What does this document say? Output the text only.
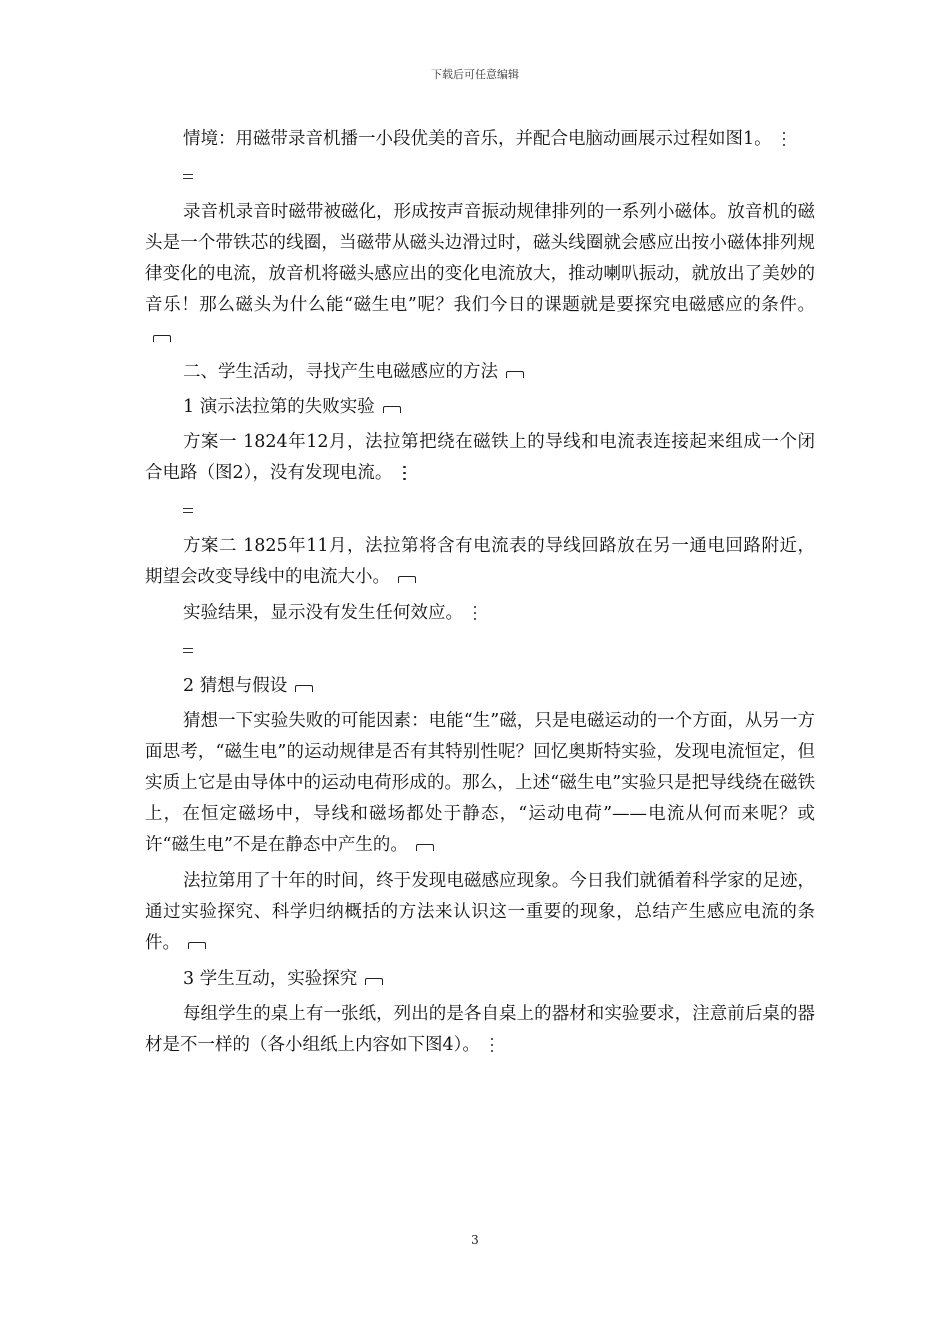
下载后可任意编辑

情境：用磁带录音机播一小段优美的音乐，并配合电脑动画展示过程如图1。

录音机录音时磁带被磁化，形成按声音振动规律排列的一系列小磁体。放音机的磁头是一个带铁芯的线圈，当磁带从磁头边滑过时，磁头线圈就会感应出按小磁体排列规律变化的电流，放音机将磁头感应出的变化电流放大，推动喇叭振动，就放出了美妙的音乐！那么磁头为什么能“磁生电”呢？我们今日的课题就是要探究电磁感应的条件。

二、学生活动，寻找产生电磁感应的方法

1 演示法拉第的失败实验

方案一 1824年12月，法拉第把绕在磁铁上的导线和电流表连接起来组成一个闭合电路（图2），没有发现电流。

方案二 1825年11月，法拉第将含有电流表的导线回路放在另一通电回路附近，期望会改变导线中的电流大小。

实验结果，显示没有发生任何效应。

2 猜想与假设

猜想一下实验失败的可能因素：电能“生”磁，只是电磁运动的一个方面，从另一方面思考，“磁生电”的运动规律是否有其特别性呢？回忆奥斯特实验，发现电流恒定，但实质上它是由导体中的运动电荷形成的。那么，上述“磁生电”实验只是把导线绕在磁铁上，在恒定磁场中，导线和磁场都处于静态，“运动电荷”——电流从何而来呢？或许“磁生电”不是在静态中产生的。

法拉第用了十年的时间，终于发现电磁感应现象。今日我们就循着科学家的足迹，通过实验探究、科学归纳概括的方法来认识这一重要的现象，总结产生感应电流的条件。

3 学生互动，实验探究

每组学生的桌上有一张纸，列出的是各自桌上的器材和实验要求，注意前后桌的器材是不一样的（各小组纸上内容如下图4）。

3
